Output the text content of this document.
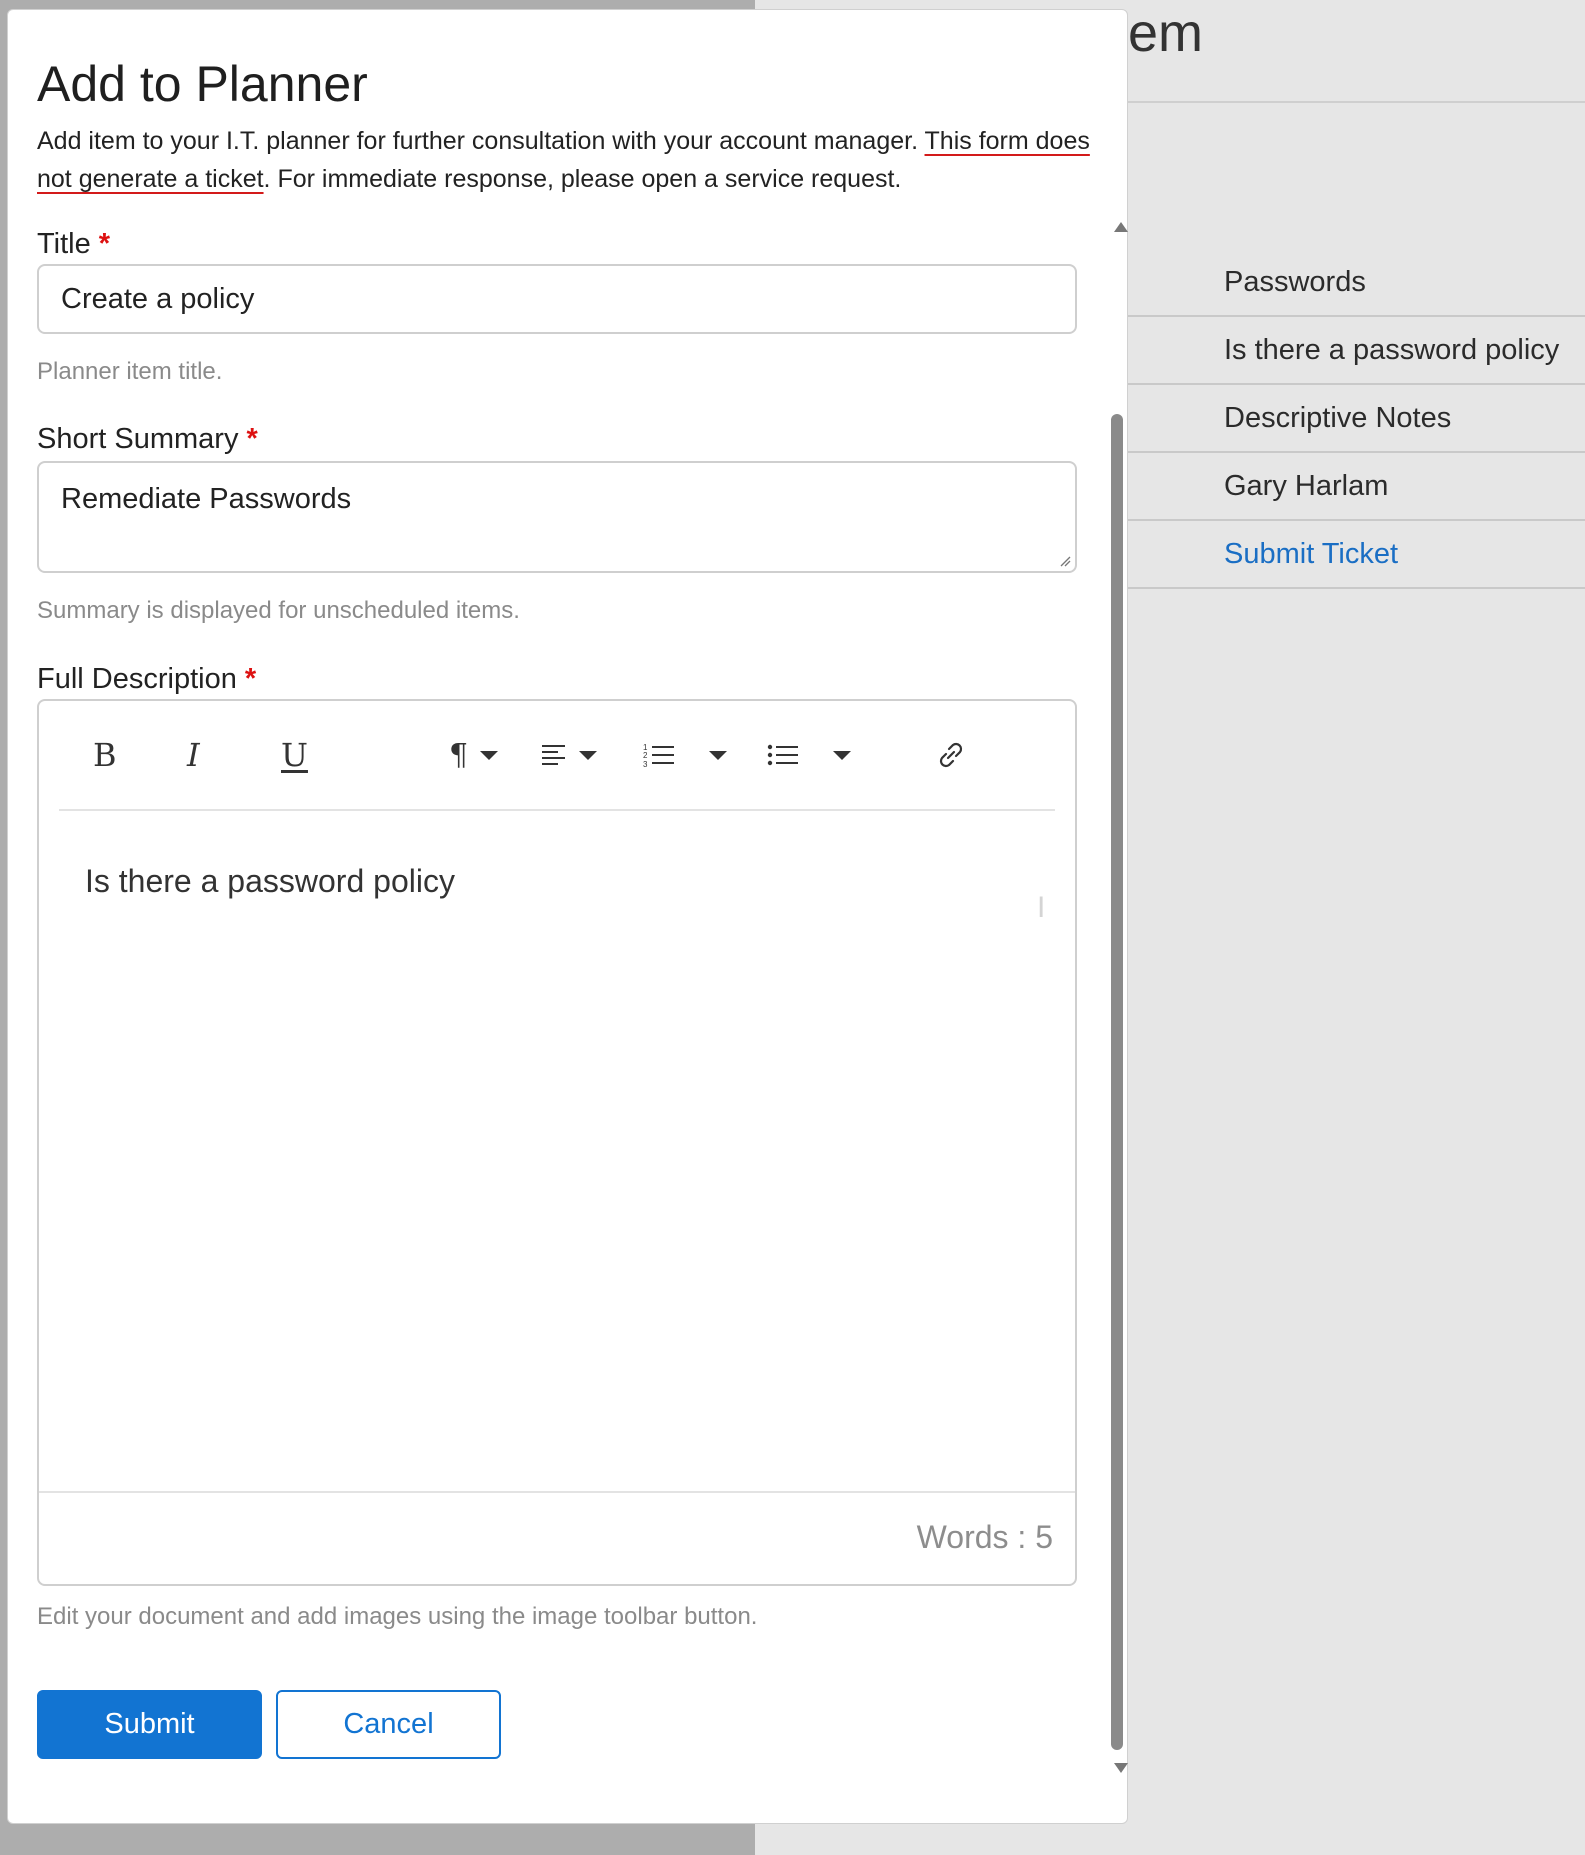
em
Passwords
Is there a password policy
Descriptive Notes
Gary Harlam
Submit Ticket
Add to Planner
Add item to your I.T. planner for further consultation with your account manager. This form does not generate a ticket. For immediate response, please open a service request.
Title *
Create a policy
Planner item title.
Short Summary *
Remediate Passwords
Summary is displayed for unscheduled items.
Full Description *
B I	U	¶	1
2
3
Is there a password policy
I
Words : 5
Edit your document and add images using the image toolbar button.
Submit	Cancel
